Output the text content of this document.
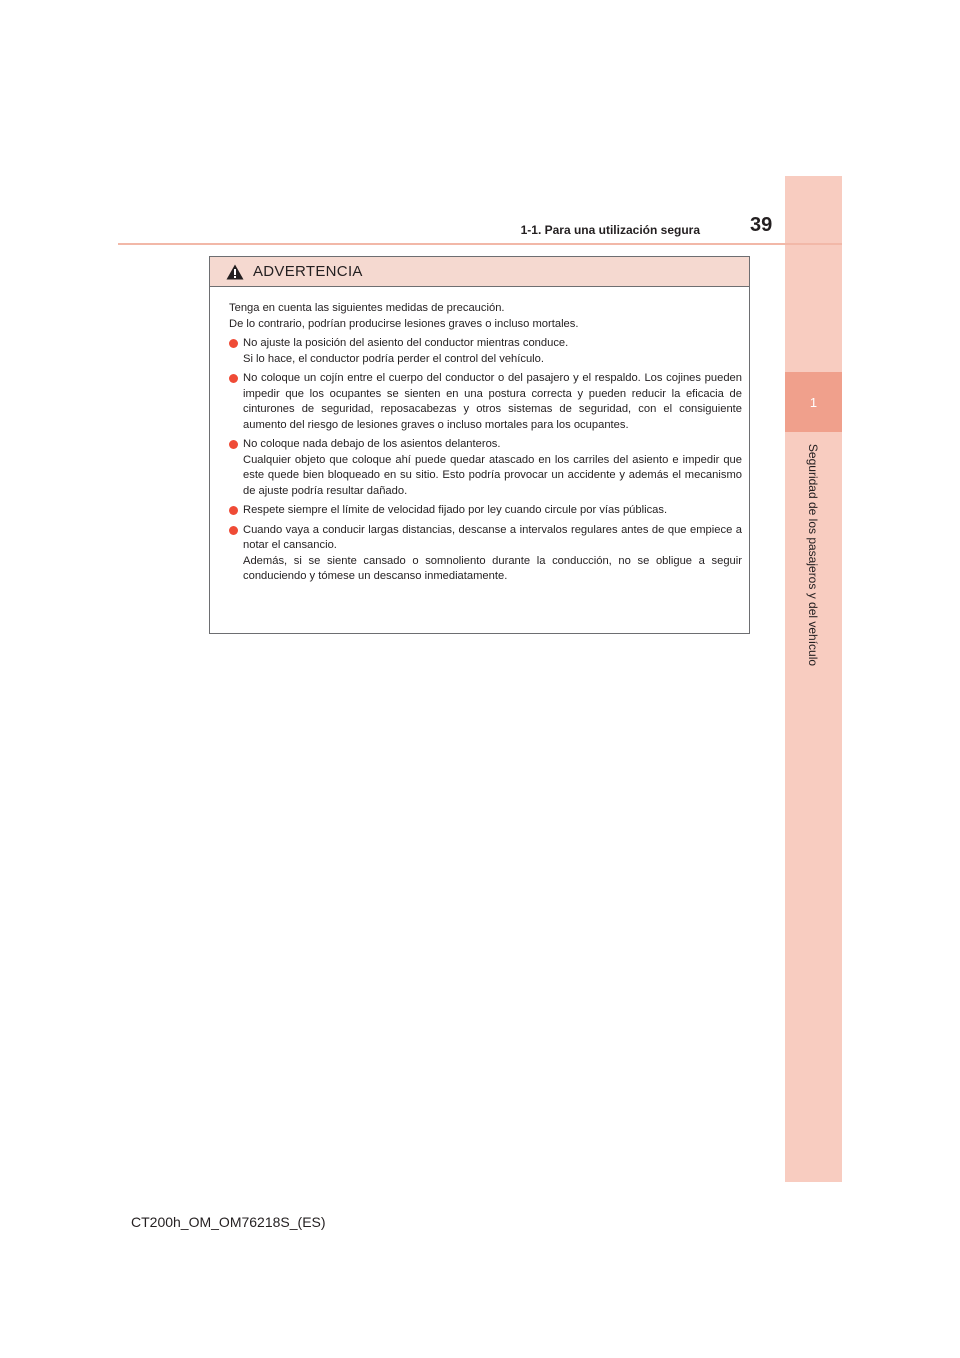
1
Seguridad de los pasajeros y del vehículo
1-1. Para una utilización segura	39
ADVERTENCIA

Tenga en cuenta las siguientes medidas de precaución.

De lo contrario, podrían producirse lesiones graves o incluso mortales.

No ajuste la posición del asiento del conductor mientras conduce.
Si lo hace, el conductor podría perder el control del vehículo.
No coloque un cojín entre el cuerpo del conductor o del pasajero y el respaldo. Los cojines pueden impedir que los ocupantes se sienten en una postura correcta y pueden reducir la eficacia de cinturones de seguridad, reposacabezas y otros sistemas de seguridad, con el consiguiente aumento del riesgo de lesiones graves o incluso mortales para los ocupantes.
No coloque nada debajo de los asientos delanteros.
Cualquier objeto que coloque ahí puede quedar atascado en los carriles del asiento e impedir que este quede bien bloqueado en su sitio. Esto podría provocar un accidente y además el mecanismo de ajuste podría resultar dañado.
Respete siempre el límite de velocidad fijado por ley cuando circule por vías públicas.
Cuando vaya a conducir largas distancias, descanse a intervalos regulares antes de que empiece a notar el cansancio.
Además, si se siente cansado o somnoliento durante la conducción, no se obligue a seguir conduciendo y tómese un descanso inmediatamente.
CT200h_OM_OM76218S_(ES)
